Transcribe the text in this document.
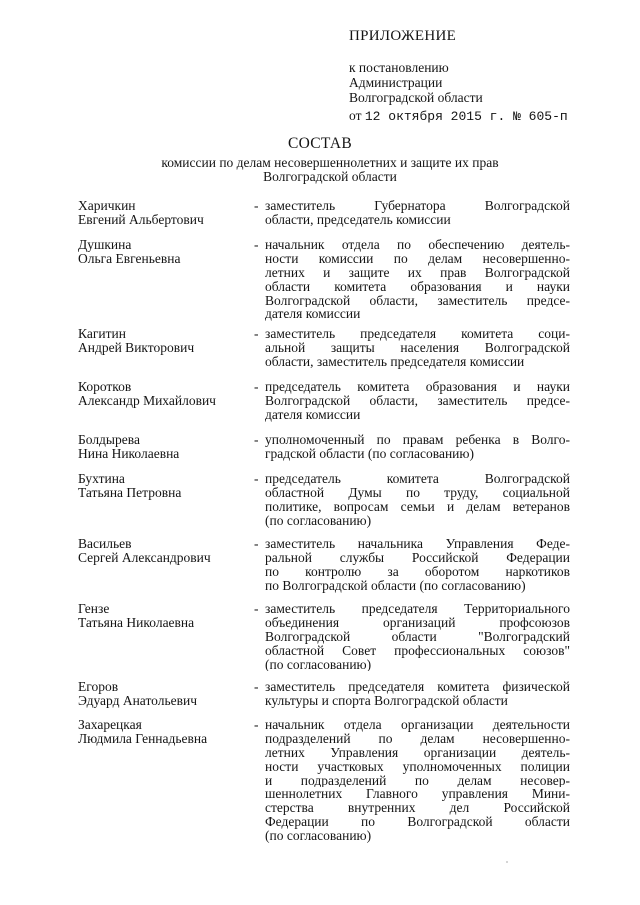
ПРИЛОЖЕНИЕ
к постановлению
Администрации
Волгоградской области
от 12 октября 2015 г. № 605-п
СОСТАВ
комиссии по делам несовершеннолетних и защите их прав
Волгоградской области
Харичкин
Евгений Альбертович
- заместитель Губернатора Волгоградской
области, председатель комиссии
Душкина
Ольга Евгеньевна
- начальник отдела по обеспечению деятель-
ности комиссии по делам несовершенно-
летних и защите их прав Волгоградской
области комитета образования и науки
Волгоградской области, заместитель предсе-
дателя комиссии
Кагитин
Андрей Викторович
- заместитель председателя комитета соци-
альной защиты населения Волгоградской
области, заместитель председателя комиссии
Коротков
Александр Михайлович
- председатель комитета образования и науки
Волгоградской области, заместитель предсе-
дателя комиссии
Болдырева
Нина Николаевна
- уполномоченный по правам ребенка в Волго-
градской области (по согласованию)
Бухтина
Татьяна Петровна
- председатель комитета Волгоградской
областной Думы по труду, социальной
политике, вопросам семьи и делам ветеранов
(по согласованию)
Васильев
Сергей Александрович
- заместитель начальника Управления Феде-
ральной службы Российской Федерации
по контролю за оборотом наркотиков
по Волгоградской области (по согласованию)
Гензе
Татьяна Николаевна
- заместитель председателя Территориального
объединения организаций профсоюзов
Волгоградской области "Волгоградский
областной Совет профессиональных союзов"
(по согласованию)
Егоров
Эдуард Анатольевич
- заместитель председателя комитета физической
культуры и спорта Волгоградской области
Захарецкая
Людмила Геннадьевна
- начальник отдела организации деятельности
подразделений по делам несовершенно-
летних Управления организации деятель-
ности участковых уполномоченных полиции
и подразделений по делам несовер-
шеннолетних Главного управления Мини-
стерства внутренних дел Российской
Федерации по Волгоградской области
(по согласованию)
